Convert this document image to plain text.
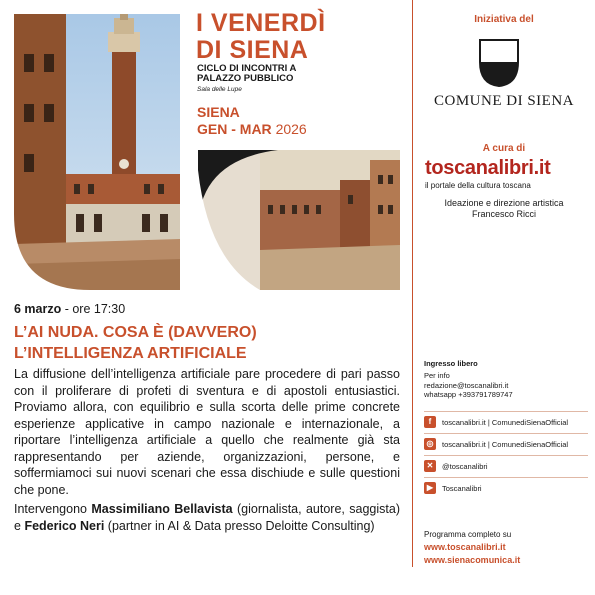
I VENERDÌ
DI SIENA
CICLO DI INCONTRI A
PALAZZO PUBBLICO
Sala delle Lupe
SIENA
GEN - MAR 2026
Iniziativa del
COMUNE DI SIENA
A cura di
toscanalibri.it
il portale della cultura toscana
Ideazione e direzione artistica
Francesco Ricci
Ingresso libero
Per info
redazione@toscanalibri.it
whatsapp +393791789747
f	toscanalibri.it | ComunediSienaOfficial
◎	toscanalibri.it | ComunediSienaOfficial
✕	@toscanalibri
▶	Toscanalibri
Programma completo su
www.toscanalibri.it
www.sienacomunica.it
6 marzo - ore 17:30
L’AI NUDA. COSA È (DAVVERO)
L’INTELLIGENZA ARTIFICIALE

La diffusione dell’intelligenza artificiale pare procedere di pari passo con il proliferare di profeti di sventura e di apostoli entusiastici. Proviamo allora, con equilibrio e sulla scorta delle prime concrete esperienze applicative in campo nazionale e internazionale, a riportare l’intelligenza artificiale a quello che realmente già sta rappresentando per aziende, organizzazioni, persone, e soffermiamoci sui nuovi scenari che essa dischiude e sulle questioni che pone.

Intervengono Massimiliano Bellavista (giornalista, autore, saggista) e Federico Neri (partner in AI & Data presso Deloitte Consulting)
